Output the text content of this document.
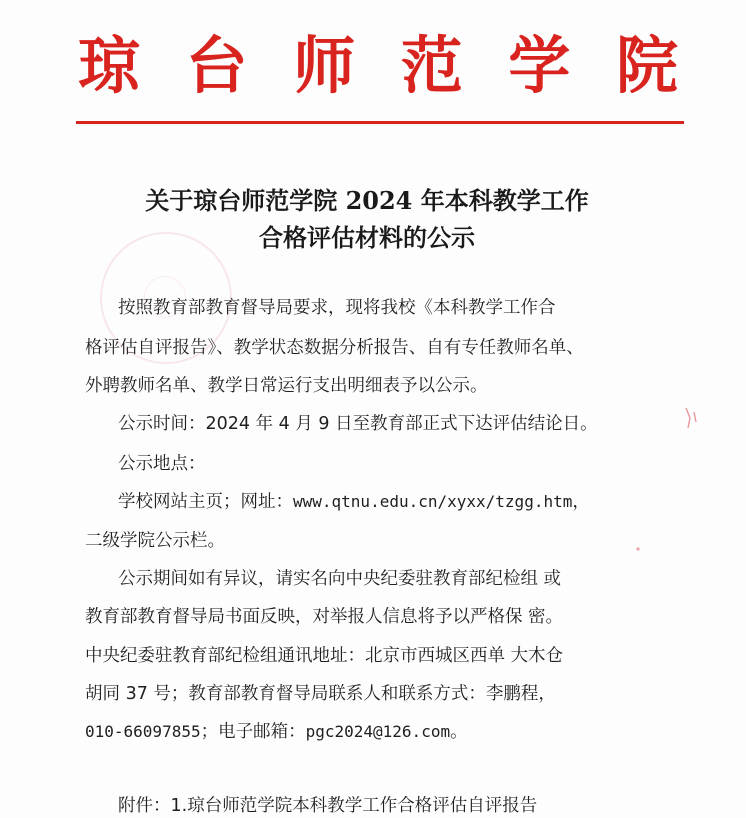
琼 台 师 范 学 院
关于琼台师范学院 2024 年本科教学工作
合格评估材料的公示
按照教育部教育督导局要求，现将我校《本科教学工作合
格评估自评报告》、教学状态数据分析报告、自有专任教师名单、
外聘教师名单、教学日常运行支出明细表予以公示。
公示时间：2024 年 4 月 9 日至教育部正式下达评估结论日。
公示地点：
学校网站主页；网址：www.qtnu.edu.cn/xyxx/tzgg.htm，
二级学院公示栏。
公示期间如有异议，请实名向中央纪委驻教育部纪检组 或
教育部教育督导局书面反映，对举报人信息将予以严格保 密。
中央纪委驻教育部纪检组通讯地址：北京市西城区西单 大木仓
胡同 37 号；教育部教育督导局联系人和联系方式：李鹏程，
010-66097855；电子邮箱：pgc2024@126.com。
附件：1.琼台师范学院本科教学工作合格评估自评报告
